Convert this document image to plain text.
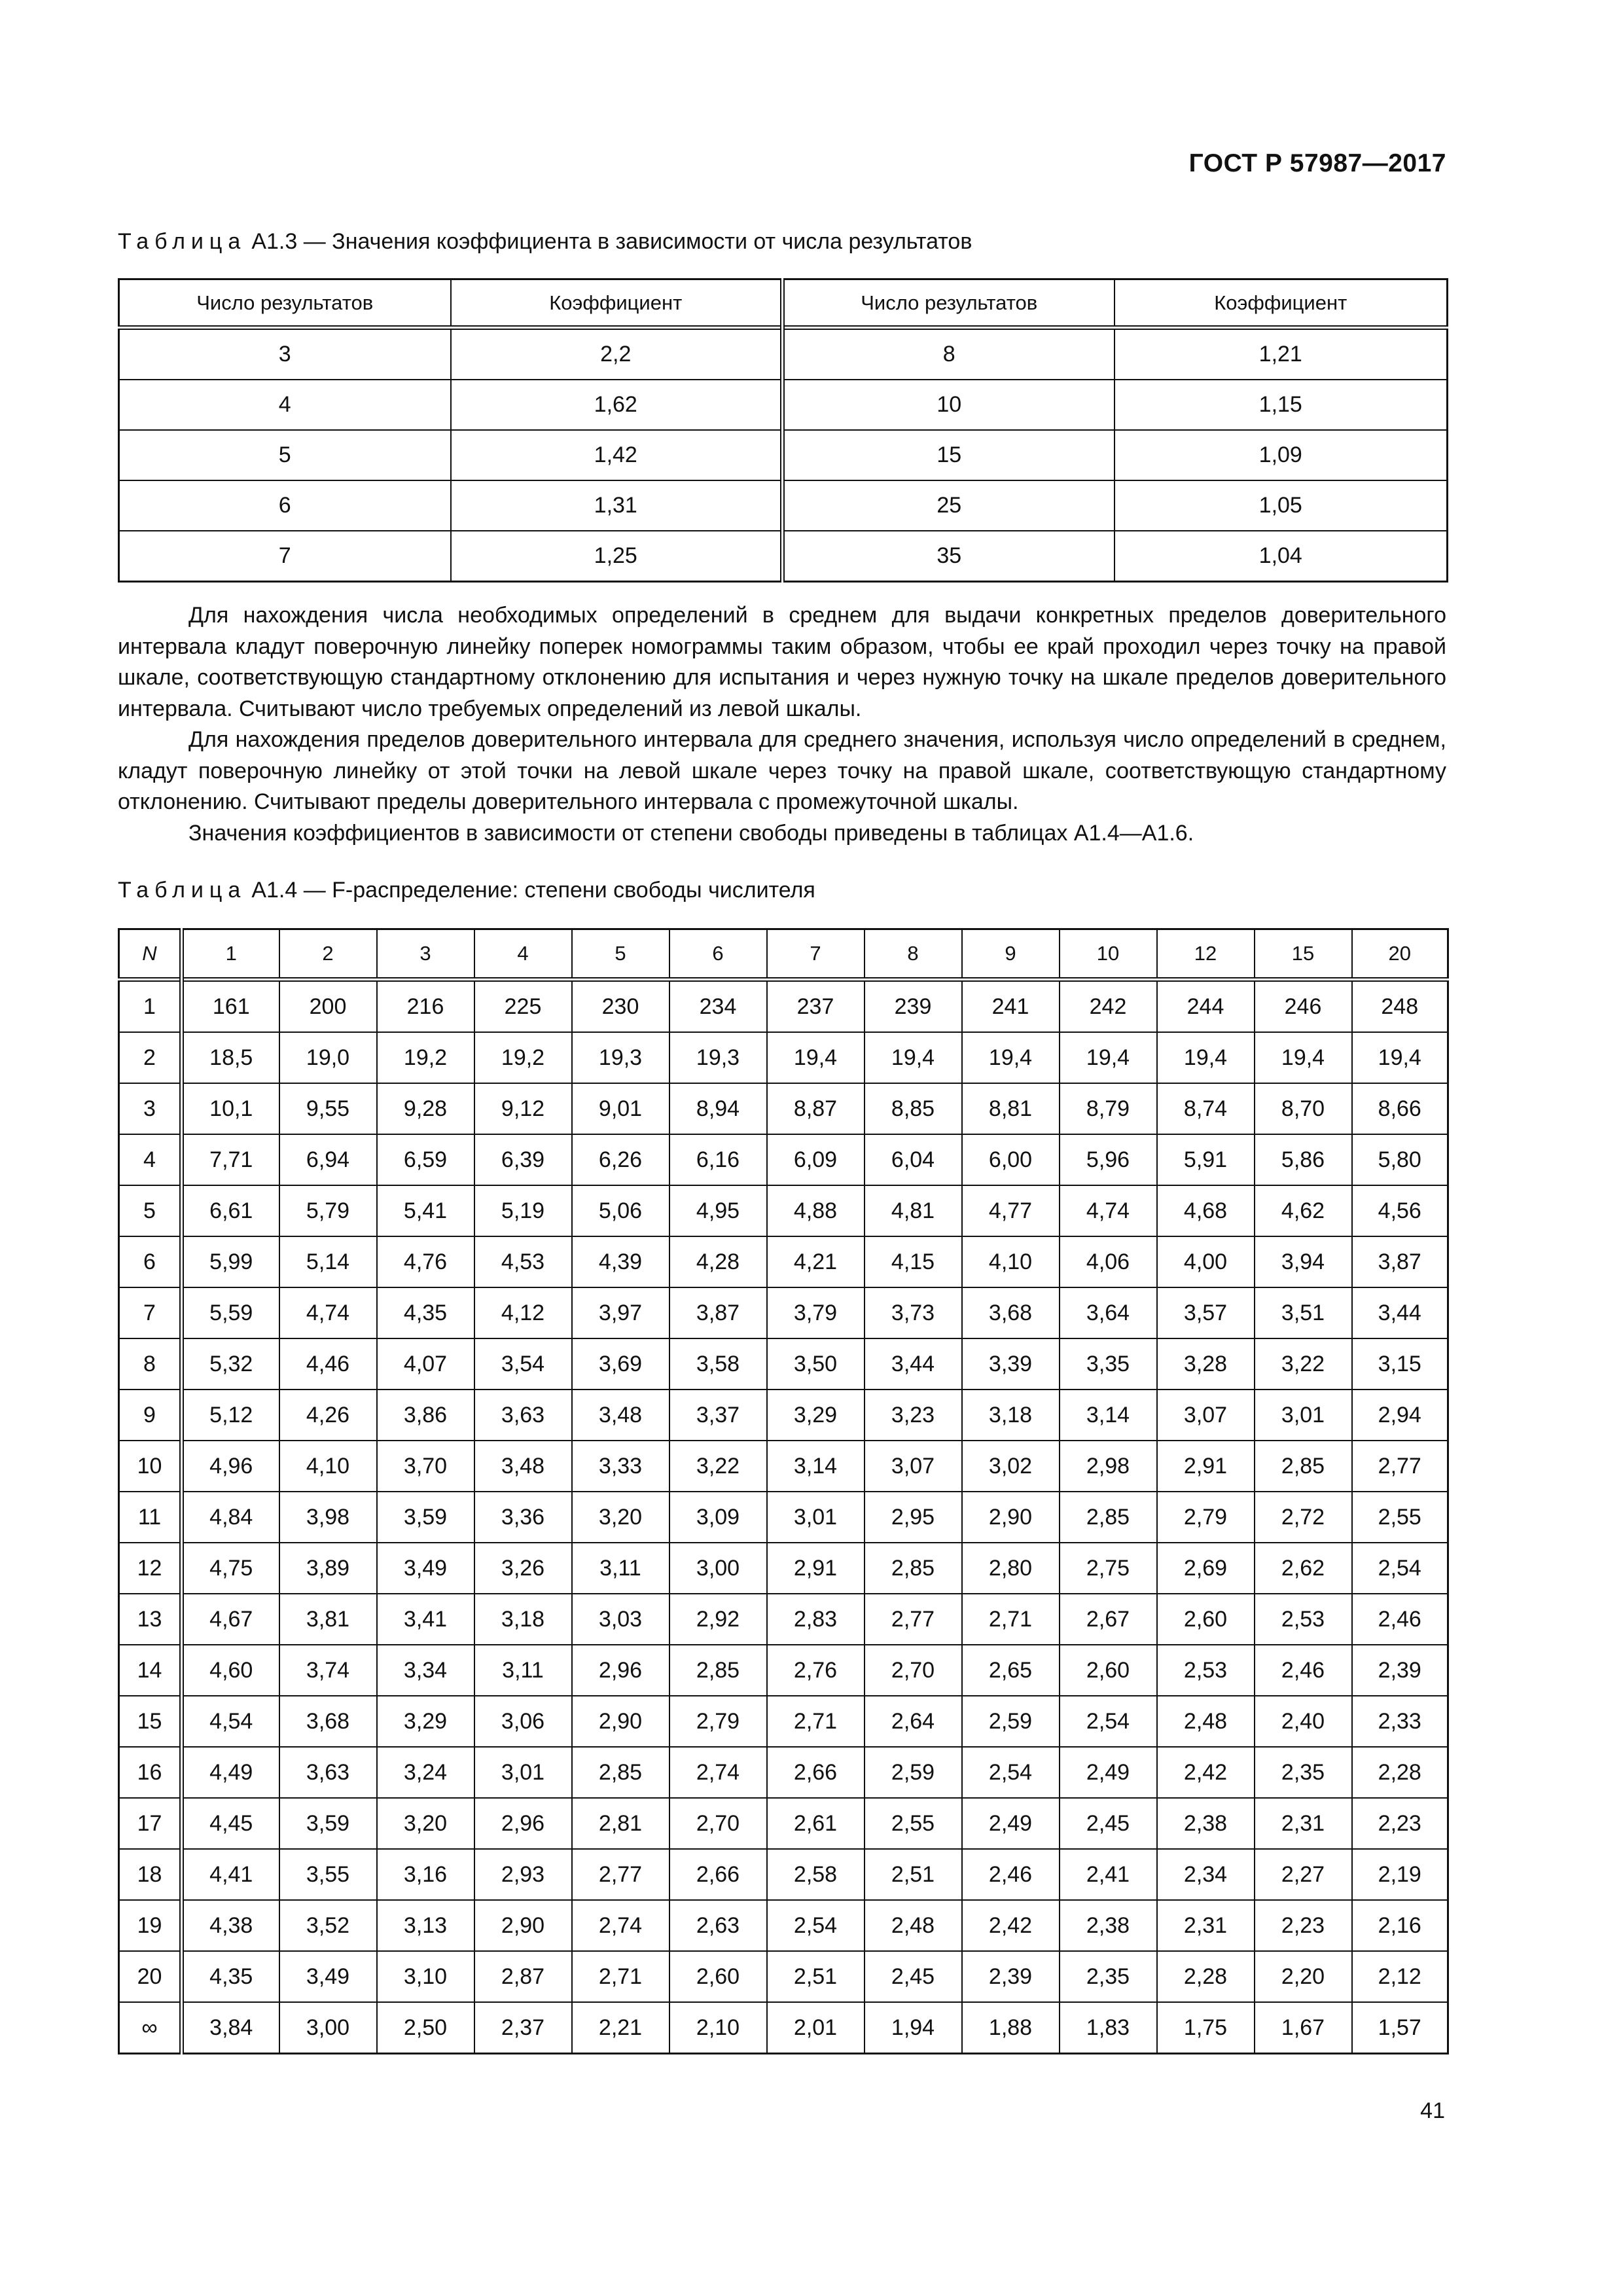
ГОСТ Р 57987—2017
Таблица А1.3 — Значения коэффициента в зависимости от числа результатов
Число результатов	Коэффициент	Число результатов	Коэффициент
3	2,2	8	1,21
4	1,62	10	1,15
5	1,42	15	1,09
6	1,31	25	1,05
7	1,25	35	1,04

Для нахождения числа необходимых определений в среднем для выдачи конкретных пределов доверительного интервала кладут поверочную линейку поперек номограммы таким образом, чтобы ее край проходил через точку на правой шкале, соответствующую стандартному отклонению для испытания и через нужную точку на шкале пределов доверительного интервала. Считывают число требуемых определений из левой шкалы.

Для нахождения пределов доверительного интервала для среднего значения, используя число определений в среднем, кладут поверочную линейку от этой точки на левой шкале через точку на правой шкале, соответствующую стандартному отклонению. Считывают пределы доверительного интервала с промежуточной шкалы.

Значения коэффициентов в зависимости от степени свободы приведены в таблицах А1.4—А1.6.

Таблица А1.4 — F-распределение: степени свободы числителя
N	1	2	3	4	5	6	7	8	9	10	12	15	20
1	161	200	216	225	230	234	237	239	241	242	244	246	248
2	18,5	19,0	19,2	19,2	19,3	19,3	19,4	19,4	19,4	19,4	19,4	19,4	19,4
3	10,1	9,55	9,28	9,12	9,01	8,94	8,87	8,85	8,81	8,79	8,74	8,70	8,66
4	7,71	6,94	6,59	6,39	6,26	6,16	6,09	6,04	6,00	5,96	5,91	5,86	5,80
5	6,61	5,79	5,41	5,19	5,06	4,95	4,88	4,81	4,77	4,74	4,68	4,62	4,56
6	5,99	5,14	4,76	4,53	4,39	4,28	4,21	4,15	4,10	4,06	4,00	3,94	3,87
7	5,59	4,74	4,35	4,12	3,97	3,87	3,79	3,73	3,68	3,64	3,57	3,51	3,44
8	5,32	4,46	4,07	3,54	3,69	3,58	3,50	3,44	3,39	3,35	3,28	3,22	3,15
9	5,12	4,26	3,86	3,63	3,48	3,37	3,29	3,23	3,18	3,14	3,07	3,01	2,94
10	4,96	4,10	3,70	3,48	3,33	3,22	3,14	3,07	3,02	2,98	2,91	2,85	2,77
11	4,84	3,98	3,59	3,36	3,20	3,09	3,01	2,95	2,90	2,85	2,79	2,72	2,55
12	4,75	3,89	3,49	3,26	3,11	3,00	2,91	2,85	2,80	2,75	2,69	2,62	2,54
13	4,67	3,81	3,41	3,18	3,03	2,92	2,83	2,77	2,71	2,67	2,60	2,53	2,46
14	4,60	3,74	3,34	3,11	2,96	2,85	2,76	2,70	2,65	2,60	2,53	2,46	2,39
15	4,54	3,68	3,29	3,06	2,90	2,79	2,71	2,64	2,59	2,54	2,48	2,40	2,33
16	4,49	3,63	3,24	3,01	2,85	2,74	2,66	2,59	2,54	2,49	2,42	2,35	2,28
17	4,45	3,59	3,20	2,96	2,81	2,70	2,61	2,55	2,49	2,45	2,38	2,31	2,23
18	4,41	3,55	3,16	2,93	2,77	2,66	2,58	2,51	2,46	2,41	2,34	2,27	2,19
19	4,38	3,52	3,13	2,90	2,74	2,63	2,54	2,48	2,42	2,38	2,31	2,23	2,16
20	4,35	3,49	3,10	2,87	2,71	2,60	2,51	2,45	2,39	2,35	2,28	2,20	2,12
∞	3,84	3,00	2,50	2,37	2,21	2,10	2,01	1,94	1,88	1,83	1,75	1,67	1,57
41
